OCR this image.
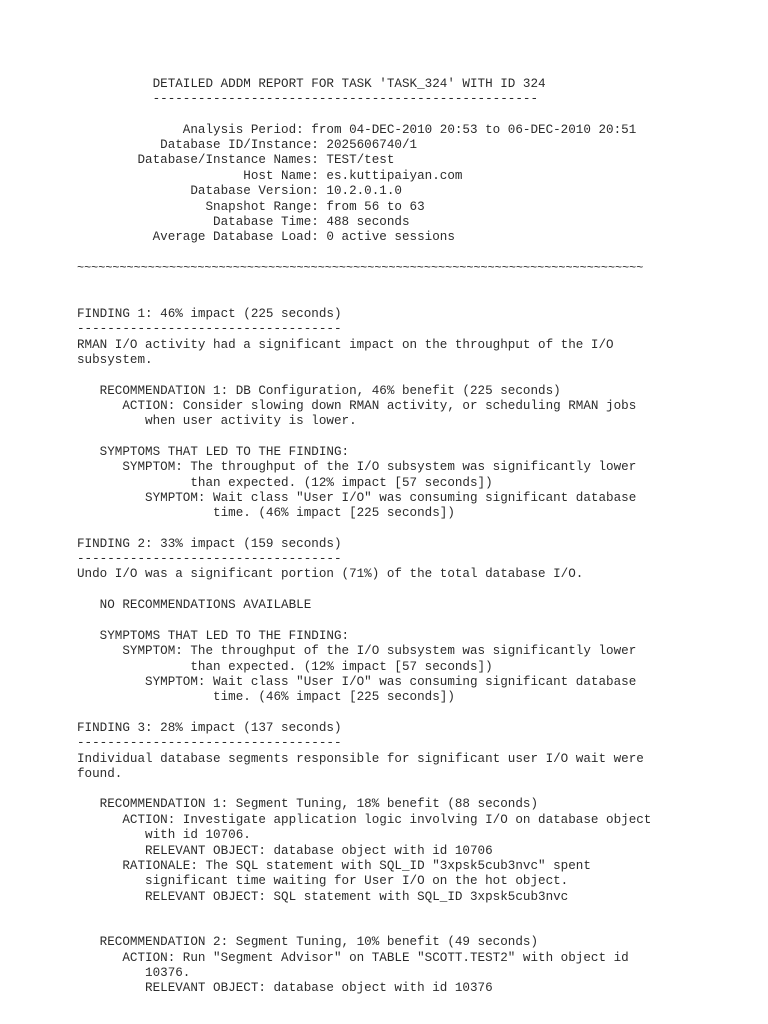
DETAILED ADDM REPORT FOR TASK 'TASK_324' WITH ID 324
---------------------------------------------------
Analysis Period: from 04-DEC-2010 20:53 to 06-DEC-2010 20:51
Database ID/Instance: 2025606740/1
Database/Instance Names: TEST/test
Host Name: es.kuttipaiyan.com
Database Version: 10.2.0.1.0
Snapshot Range: from 56 to 63
Database Time: 488 seconds
Average Database Load: 0 active sessions
~~~~~~~~~~~~~~~~~~~~~~~~~~~~~~~~~~~~~~~~~~~~~~~~~~~~~~~~~~~~~~~~~~~~~~~~~~~~~~~~
FINDING 1: 46% impact (225 seconds)
-----------------------------------
RMAN I/O activity had a significant impact on the throughput of the I/O
subsystem.
RECOMMENDATION 1: DB Configuration, 46% benefit (225 seconds)
ACTION: Consider slowing down RMAN activity, or scheduling RMAN jobs
when user activity is lower.
SYMPTOMS THAT LED TO THE FINDING:
SYMPTOM: The throughput of the I/O subsystem was significantly lower
than expected. (12% impact [57 seconds])
SYMPTOM: Wait class "User I/O" was consuming significant database
time. (46% impact [225 seconds])
FINDING 2: 33% impact (159 seconds)
-----------------------------------
Undo I/O was a significant portion (71%) of the total database I/O.
NO RECOMMENDATIONS AVAILABLE
SYMPTOMS THAT LED TO THE FINDING:
SYMPTOM: The throughput of the I/O subsystem was significantly lower
than expected. (12% impact [57 seconds])
SYMPTOM: Wait class "User I/O" was consuming significant database
time. (46% impact [225 seconds])
FINDING 3: 28% impact (137 seconds)
-----------------------------------
Individual database segments responsible for significant user I/O wait were
found.
RECOMMENDATION 1: Segment Tuning, 18% benefit (88 seconds)
ACTION: Investigate application logic involving I/O on database object
with id 10706.
RELEVANT OBJECT: database object with id 10706
RATIONALE: The SQL statement with SQL_ID "3xpsk5cub3nvc" spent
significant time waiting for User I/O on the hot object.
RELEVANT OBJECT: SQL statement with SQL_ID 3xpsk5cub3nvc
RECOMMENDATION 2: Segment Tuning, 10% benefit (49 seconds)
ACTION: Run "Segment Advisor" on TABLE "SCOTT.TEST2" with object id
10376.
RELEVANT OBJECT: database object with id 10376
